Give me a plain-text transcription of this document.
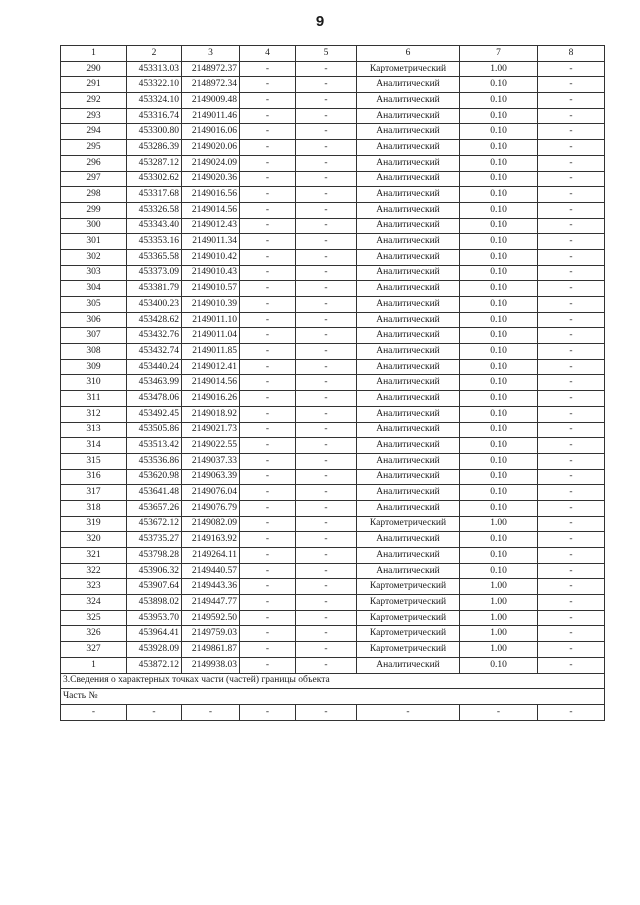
9
1	2	3	4	5	6	7	8
290	453313.03	2148972.37	-	-	Картометрический	1.00	-
291	453322.10	2148972.34	-	-	Аналитический	0.10	-
292	453324.10	2149009.48	-	-	Аналитический	0.10	-
293	453316.74	2149011.46	-	-	Аналитический	0.10	-
294	453300.80	2149016.06	-	-	Аналитический	0.10	-
295	453286.39	2149020.06	-	-	Аналитический	0.10	-
296	453287.12	2149024.09	-	-	Аналитический	0.10	-
297	453302.62	2149020.36	-	-	Аналитический	0.10	-
298	453317.68	2149016.56	-	-	Аналитический	0.10	-
299	453326.58	2149014.56	-	-	Аналитический	0.10	-
300	453343.40	2149012.43	-	-	Аналитический	0.10	-
301	453353.16	2149011.34	-	-	Аналитический	0.10	-
302	453365.58	2149010.42	-	-	Аналитический	0.10	-
303	453373.09	2149010.43	-	-	Аналитический	0.10	-
304	453381.79	2149010.57	-	-	Аналитический	0.10	-
305	453400.23	2149010.39	-	-	Аналитический	0.10	-
306	453428.62	2149011.10	-	-	Аналитический	0.10	-
307	453432.76	2149011.04	-	-	Аналитический	0.10	-
308	453432.74	2149011.85	-	-	Аналитический	0.10	-
309	453440.24	2149012.41	-	-	Аналитический	0.10	-
310	453463.99	2149014.56	-	-	Аналитический	0.10	-
311	453478.06	2149016.26	-	-	Аналитический	0.10	-
312	453492.45	2149018.92	-	-	Аналитический	0.10	-
313	453505.86	2149021.73	-	-	Аналитический	0.10	-
314	453513.42	2149022.55	-	-	Аналитический	0.10	-
315	453536.86	2149037.33	-	-	Аналитический	0.10	-
316	453620.98	2149063.39	-	-	Аналитический	0.10	-
317	453641.48	2149076.04	-	-	Аналитический	0.10	-
318	453657.26	2149076.79	-	-	Аналитический	0.10	-
319	453672.12	2149082.09	-	-	Картометрический	1.00	-
320	453735.27	2149163.92	-	-	Аналитический	0.10	-
321	453798.28	2149264.11	-	-	Аналитический	0.10	-
322	453906.32	2149440.57	-	-	Аналитический	0.10	-
323	453907.64	2149443.36	-	-	Картометрический	1.00	-
324	453898.02	2149447.77	-	-	Картометрический	1.00	-
325	453953.70	2149592.50	-	-	Картометрический	1.00	-
326	453964.41	2149759.03	-	-	Картометрический	1.00	-
327	453928.09	2149861.87	-	-	Картометрический	1.00	-
1	453872.12	2149938.03	-	-	Аналитический	0.10	-
3.Сведения о характерных точках части (частей) границы объекта							
Часть №							
-	-	-	-	-	-	-	-
